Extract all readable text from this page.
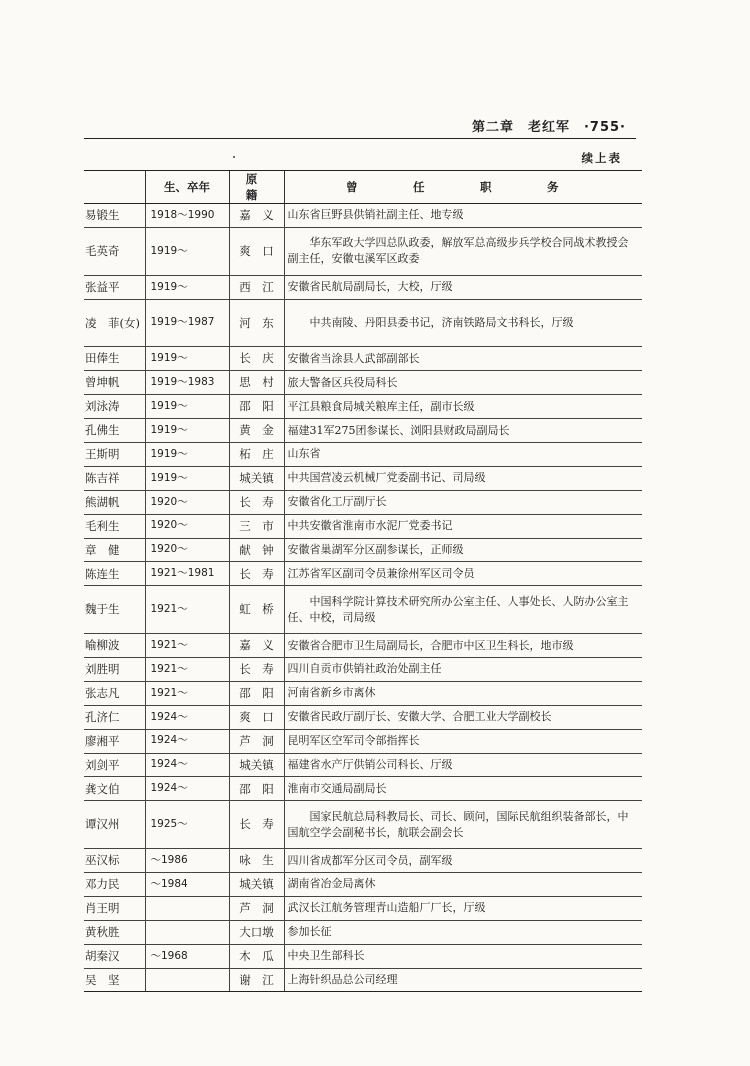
第二章 老红军 ·755·
续上表
	生、卒年	原　籍	曾　任　职　务
易锻生	1918～1990	嘉　义	山东省巨野县供销社副主任、地专级
毛英奇	1919～	爽　口	华东军政大学四总队政委，解放军总高级步兵学校合同战术教授会副主任，安徽屯溪军区政委
张益平	1919～	西　江	安徽省民航局副局长，大校，厅级
凌　菲(女)	1919～1987	河　东	中共南陵、丹阳县委书记，济南铁路局文书科长，厅级
田俸生	1919～	长　庆	安徽省当涂县人武部副部长
曾坤帆	1919～1983	思　村	旅大警备区兵役局科长
刘泳涛	1919～	邵　阳	平江县粮食局城关粮库主任，副市长级
孔佛生	1919～	黄　金	福建31军275团参谋长、浏阳县财政局副局长
王斯明	1919～	柘　庄	山东省
陈吉祥	1919～	城关镇	中共国营凌云机械厂党委副书记、司局级
熊湖帆	1920～	长　寿	安徽省化工厅副厅长
毛利生	1920～	三　市	中共安徽省淮南市水泥厂党委书记
章　健	1920～	献　钟	安徽省巢湖军分区副参谋长，正师级
陈连生	1921～1981	长　寿	江苏省军区副司令员兼徐州军区司令员
魏于生	1921～	虹　桥	中国科学院计算技术研究所办公室主任、人事处长、人防办公室主任、中校，司局级
喻柳波	1921～	嘉　义	安徽省合肥市卫生局副局长，合肥市中区卫生科长，地市级
刘胜明	1921～	长　寿	四川自贡市供销社政治处副主任
张志凡	1921～	邵　阳	河南省新乡市离休
孔济仁	1924～	爽　口	安徽省民政厅副厅长、安徽大学、合肥工业大学副校长
廖湘平	1924～	芦　洞	昆明军区空军司令部指挥长
刘剑平	1924～	城关镇	福建省水产厅供销公司科长、厅级
龚文伯	1924～	邵　阳	淮南市交通局副局长
谭汉州	1925～	长　寿	国家民航总局科教局长、司长、顾问，国际民航组织装备部长，中国航空学会副秘书长，航联会副会长
巫汉标	～1986	咏　生	四川省成都军分区司令员，副军级
邓力民	～1984	城关镇	湖南省冶金局离休
肖王明		芦　洞	武汉长江航务管理青山造船厂厂长，厅级
黄秋胜		大口墩	参加长征
胡秦汉	～1968	木　瓜	中央卫生部科长
吴　坚		谢　江	上海针织品总公司经理
